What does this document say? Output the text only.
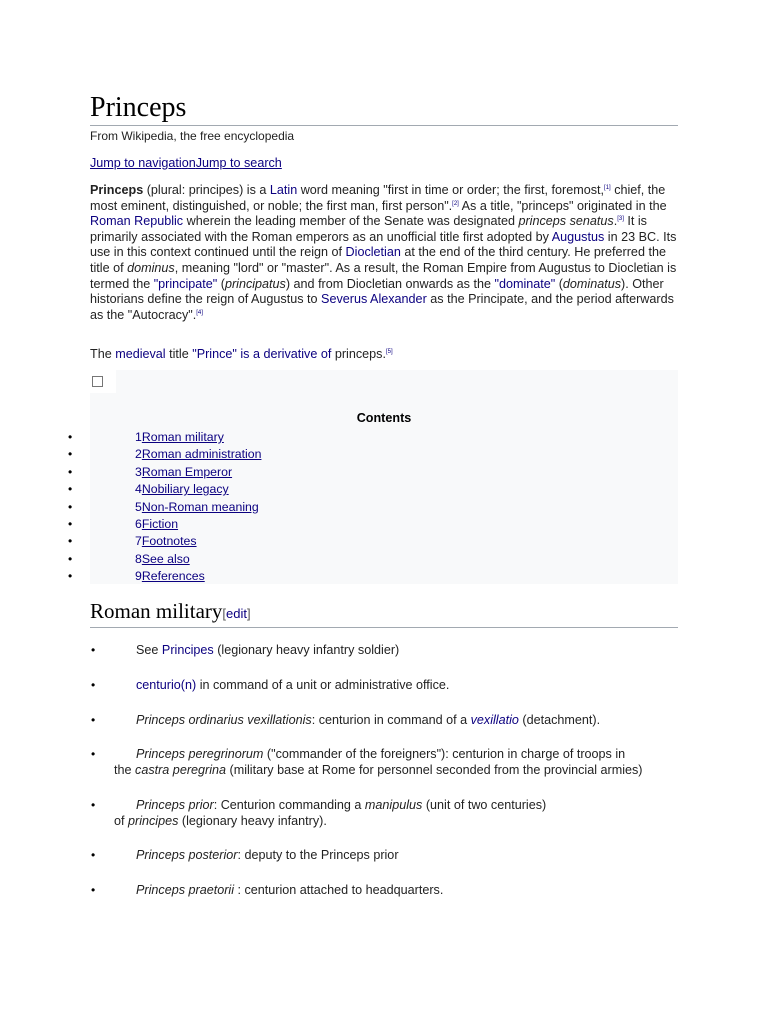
Princeps
From Wikipedia, the free encyclopedia
Jump to navigationJump to search

Princeps (plural: principes) is a Latin word meaning "first in time or order; the first, foremost,[1] chief, the most eminent, distinguished, or noble; the first man, first person".[2] As a title, "princeps" originated in the Roman Republic wherein the leading member of the Senate was designated princeps senatus.[3] It is primarily associated with the Roman emperors as an unofficial title first adopted by Augustus in 23 BC. Its use in this context continued until the reign of Diocletian at the end of the third century. He preferred the title of dominus, meaning "lord" or "master". As a result, the Roman Empire from Augustus to Diocletian is termed the "principate" (principatus) and from Diocletian onwards as the "dominate" (dominatus). Other historians define the reign of Augustus to Severus Alexander as the Principate, and the period afterwards as the "Autocracy".[4]

The medieval title "Prince" is a derivative of princeps.[5]

Contents
•	1Roman military
•	2Roman administration
•	3Roman Emperor
•	4Nobiliary legacy
•	5Non-Roman meaning
•	6Fiction
•	7Footnotes
•	8See also
•	9References
Roman military[edit]
•	See Principes (legionary heavy infantry soldier)
•	centurio(n) in command of a unit or administrative office.
•	Princeps ordinarius vexillationis: centurion in command of a vexillatio (detachment).
•	Princeps peregrinorum ("commander of the foreigners"): centurion in charge of troops in
the castra peregrina (military base at Rome for personnel seconded from the provincial armies)
•	Princeps prior: Centurion commanding a manipulus (unit of two centuries)
of principes (legionary heavy infantry).
•	Princeps posterior: deputy to the Princeps prior
•	Princeps praetorii : centurion attached to headquarters.
